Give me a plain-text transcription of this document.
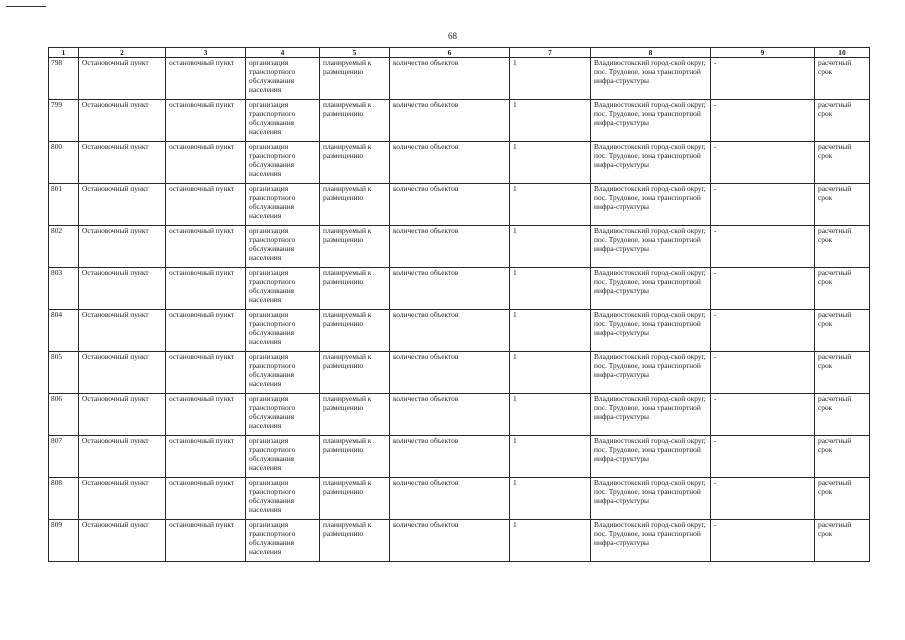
68
1	2	3	4	5	6	7	8	9	10
798	Остановочный пункт	остановочный пункт	организация транспортного обслуживания населения	планируемый к размещению	количество объектов	1	Владивостокский город-ской округ, пос. Трудовое, зона транспортной инфра-структуры	-	расчетный срок
799	Остановочный пункт	остановочный пункт	организация транспортного обслуживания населения	планируемый к размещению	количество объектов	1	Владивостокский город-ской округ, пос. Трудовое, зона транспортной инфра-структуры	-	расчетный срок
800	Остановочный пункт	остановочный пункт	организация транспортного обслуживания населения	планируемый к размещению	количество объектов	1	Владивостокский город-ской округ, пос. Трудовое, зона транспортной инфра-структуры	-	расчетный срок
801	Остановочный пункт	остановочный пункт	организация транспортного обслуживания населения	планируемый к размещению	количество объектов	1	Владивостокский город-ской округ, пос. Трудовое, зона транспортной инфра-структуры	-	расчетный срок
802	Остановочный пункт	остановочный пункт	организация транспортного обслуживания населения	планируемый к размещению	количество объектов	1	Владивостокский город-ской округ, пос. Трудовое, зона транспортной инфра-структуры	-	расчетный срок
803	Остановочный пункт	остановочный пункт	организация транспортного обслуживания населения	планируемый к размещению	количество объектов	1	Владивостокский город-ской округ, пос. Трудовое, зона транспортной инфра-структуры	-	расчетный срок
804	Остановочный пункт	остановочный пункт	организация транспортного обслуживания населения	планируемый к размещению	количество объектов	1	Владивостокский город-ской округ, пос. Трудовое, зона транспортной инфра-структуры	-	расчетный срок
805	Остановочный пункт	остановочный пункт	организация транспортного обслуживания населения	планируемый к размещению	количество объектов	1	Владивостокский город-ской округ, пос. Трудовое, зона транспортной инфра-структуры	-	расчетный срок
806	Остановочный пункт	остановочный пункт	организация транспортного обслуживания населения	планируемый к размещению	количество объектов	1	Владивостокский город-ской округ, пос. Трудовое, зона транспортной инфра-структуры	-	расчетный срок
807	Остановочный пункт	остановочный пункт	организация транспортного обслуживания населения	планируемый к размещению	количество объектов	1	Владивостокский город-ской округ, пос. Трудовое, зона транспортной инфра-структуры	-	расчетный срок
808	Остановочный пункт	остановочный пункт	организация транспортного обслуживания населения	планируемый к размещению	количество объектов	1	Владивостокский город-ской округ, пос. Трудовое, зона транспортной инфра-структуры	-	расчетный срок
809	Остановочный пункт	остановочный пункт	организация транспортного обслуживания населения	планируемый к размещению	количество объектов	1	Владивостокский город-ской округ, пос. Трудовое, зона транспортной инфра-структуры	-	расчетный срок
